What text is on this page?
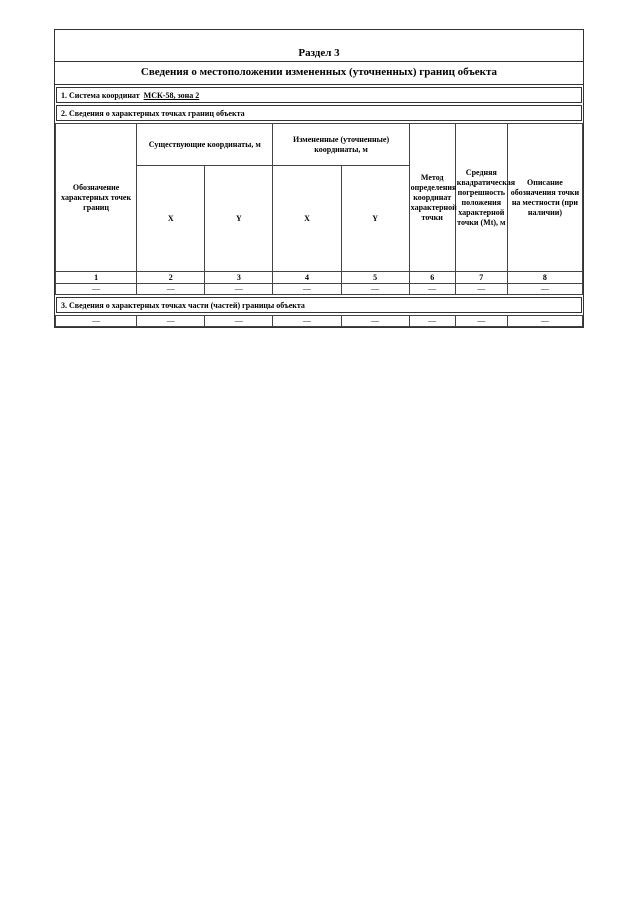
Раздел 3
Сведения о местоположении измененных (уточненных) границ объекта
1. Система координат МСК-58, зона 2
2. Сведения о характерных точках границ объекта
Обозначение характерных точек границ	Существующие координаты, м		Измененные (уточненные) координаты, м		Метод определения координат характерной точки	Средняя квадратическая погрешность положения характерной точки (Mt), м	Описание обозначения точки на местности (при наличии)
	X	Y	X	Y			
1	2	3	4	5	6	7	8
—	—	—	—	—	—	—	—
3. Сведения о характерных точках части (частей) границы объекта
—	—	—	—	—	—	—	—
